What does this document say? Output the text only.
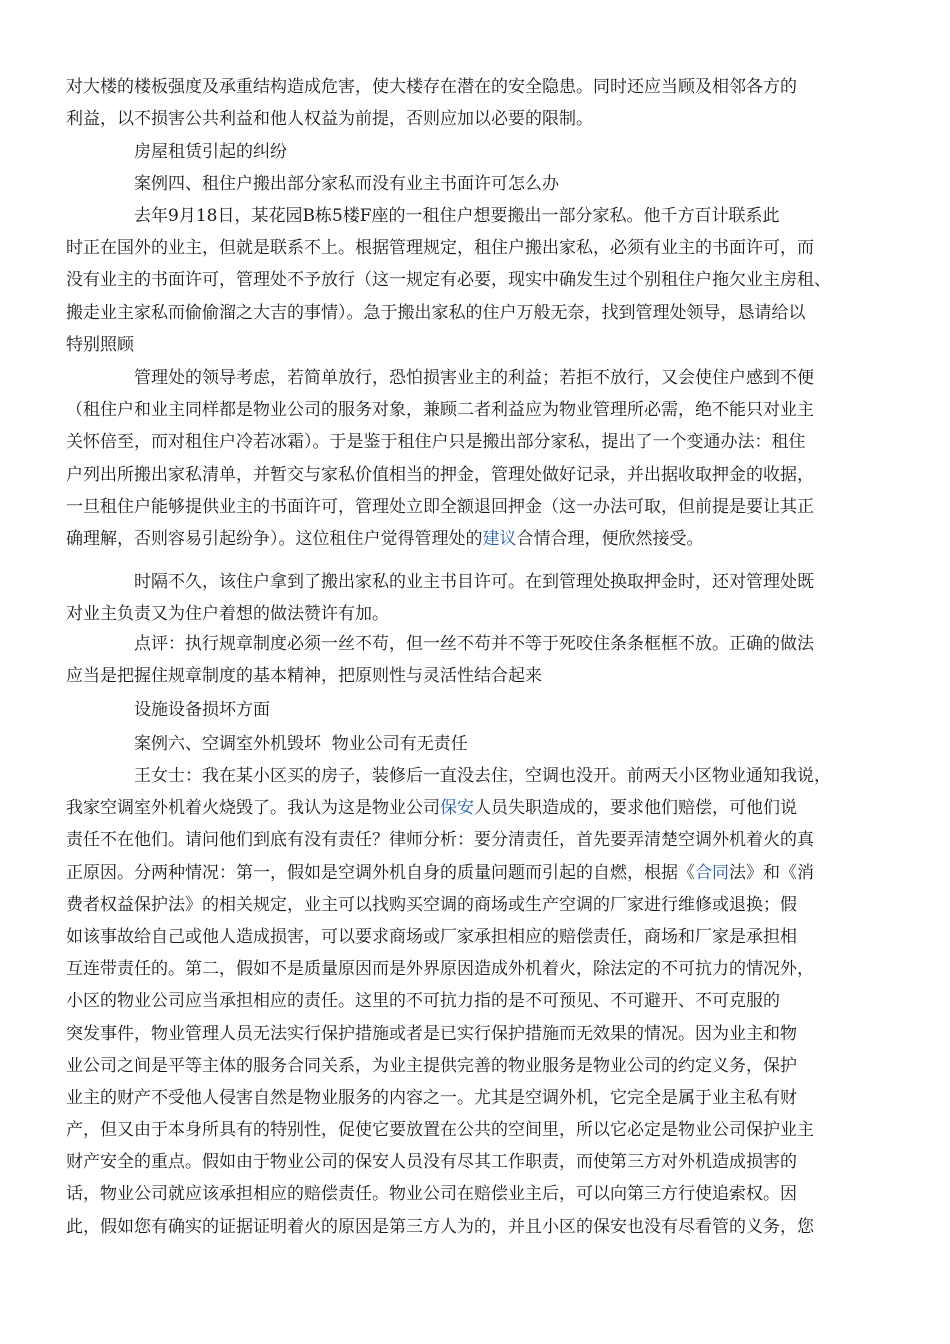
对大楼的楼板强度及承重结构造成危害，使大楼存在潜在的安全隐患。同时还应当顾及相邻各方的
利益，以不损害公共利益和他人权益为前提，否则应加以必要的限制。
房屋租赁引起的纠纷
案例四、租住户搬出部分家私而没有业主书面许可怎么办
去年9月18日，某花园B栋5楼F座的一租住户想要搬出一部分家私。他千方百计联系此
时正在国外的业主，但就是联系不上。根据管理规定，租住户搬出家私，必须有业主的书面许可，而
没有业主的书面许可，管理处不予放行（这一规定有必要，现实中确发生过个别租住户拖欠业主房租、
搬走业主家私而偷偷溜之大吉的事情）。急于搬出家私的住户万般无奈，找到管理处领导，恳请给以
特别照顾
管理处的领导考虑，若简单放行，恐怕损害业主的利益；若拒不放行，又会使住户感到不便
（租住户和业主同样都是物业公司的服务对象，兼顾二者利益应为物业管理所必需，绝不能只对业主
关怀倍至，而对租住户冷若冰霜）。于是鉴于租住户只是搬出部分家私，提出了一个变通办法：租住
户列出所搬出家私清单，并暂交与家私价值相当的押金，管理处做好记录，并出据收取押金的收据，
一旦租住户能够提供业主的书面许可，管理处立即全额退回押金（这一办法可取，但前提是要让其正
确理解，否则容易引起纷争）。这位租住户觉得管理处的建议合情合理，便欣然接受。
时隔不久，该住户拿到了搬出家私的业主书目许可。在到管理处换取押金时，还对管理处既
对业主负责又为住户着想的做法赞许有加。
点评：执行规章制度必须一丝不苟，但一丝不苟并不等于死咬住条条框框不放。正确的做法
应当是把握住规章制度的基本精神，把原则性与灵活性结合起来
设施设备损坏方面
案例六、空调室外机毁坏  物业公司有无责任
王女士：我在某小区买的房子，装修后一直没去住，空调也没开。前两天小区物业通知我说，
我家空调室外机着火烧毁了。我认为这是物业公司保安人员失职造成的，要求他们赔偿，可他们说
责任不在他们。请问他们到底有没有责任？律师分析：要分清责任，首先要弄清楚空调外机着火的真
正原因。分两种情况：第一，假如是空调外机自身的质量问题而引起的自燃，根据《合同法》和《消
费者权益保护法》的相关规定，业主可以找购买空调的商场或生产空调的厂家进行维修或退换；假
如该事故给自己或他人造成损害，可以要求商场或厂家承担相应的赔偿责任，商场和厂家是承担相
互连带责任的。第二，假如不是质量原因而是外界原因造成外机着火，除法定的不可抗力的情况外，
小区的物业公司应当承担相应的责任。这里的不可抗力指的是不可预见、不可避开、不可克服的
突发事件，物业管理人员无法实行保护措施或者是已实行保护措施而无效果的情况。因为业主和物
业公司之间是平等主体的服务合同关系，为业主提供完善的物业服务是物业公司的约定义务，保护
业主的财产不受他人侵害自然是物业服务的内容之一。尤其是空调外机，它完全是属于业主私有财
产，但又由于本身所具有的特别性，促使它要放置在公共的空间里，所以它必定是物业公司保护业主
财产安全的重点。假如由于物业公司的保安人员没有尽其工作职责，而使第三方对外机造成损害的
话，物业公司就应该承担相应的赔偿责任。物业公司在赔偿业主后，可以向第三方行使追索权。因
此，假如您有确实的证据证明着火的原因是第三方人为的，并且小区的保安也没有尽看管的义务，您
